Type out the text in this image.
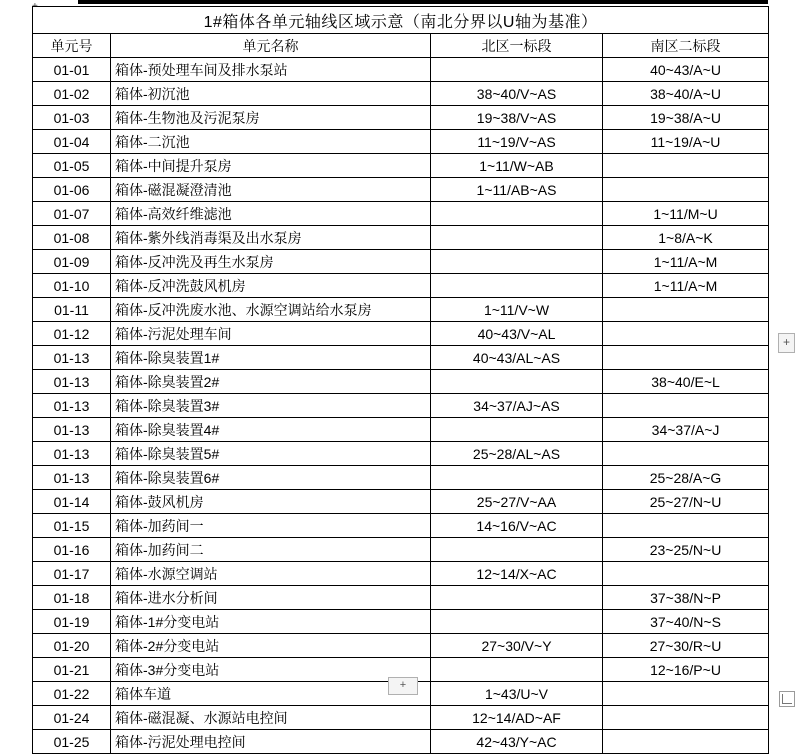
1#箱体各单元轴线区域示意（南北分界以U轴为基准）			
单元号	单元名称	北区一标段	南区二标段
01-01	箱体-预处理车间及排水泵站		40~43/A~U
01-02	箱体-初沉池	38~40/V~AS	38~40/A~U
01-03	箱体-生物池及污泥泵房	19~38/V~AS	19~38/A~U
01-04	箱体-二沉池	11~19/V~AS	11~19/A~U
01-05	箱体-中间提升泵房	1~11/W~AB	
01-06	箱体-磁混凝澄清池	1~11/AB~AS	
01-07	箱体-高效纤维滤池		1~11/M~U
01-08	箱体-紫外线消毒渠及出水泵房		1~8/A~K
01-09	箱体-反冲洗及再生水泵房		1~11/A~M
01-10	箱体-反冲洗鼓风机房		1~11/A~M
01-11	箱体-反冲洗废水池、水源空调站给水泵房	1~11/V~W	
01-12	箱体-污泥处理车间	40~43/V~AL	
01-13	箱体-除臭装置1#	40~43/AL~AS	
01-13	箱体-除臭装置2#		38~40/E~L
01-13	箱体-除臭装置3#	34~37/AJ~AS	
01-13	箱体-除臭装置4#		34~37/A~J
01-13	箱体-除臭装置5#	25~28/AL~AS	
01-13	箱体-除臭装置6#		25~28/A~G
01-14	箱体-鼓风机房	25~27/V~AA	25~27/N~U
01-15	箱体-加药间一	14~16/V~AC	
01-16	箱体-加药间二		23~25/N~U
01-17	箱体-水源空调站	12~14/X~AC	
01-18	箱体-进水分析间		37~38/N~P
01-19	箱体-1#分变电站		37~40/N~S
01-20	箱体-2#分变电站	27~30/V~Y	27~30/R~U
01-21	箱体-3#分变电站		12~16/P~U
01-22	箱体车道	1~43/U~V	
01-24	箱体-磁混凝、水源站电控间	12~14/AD~AF	
01-25	箱体-污泥处理电控间	42~43/Y~AC	
+
+
